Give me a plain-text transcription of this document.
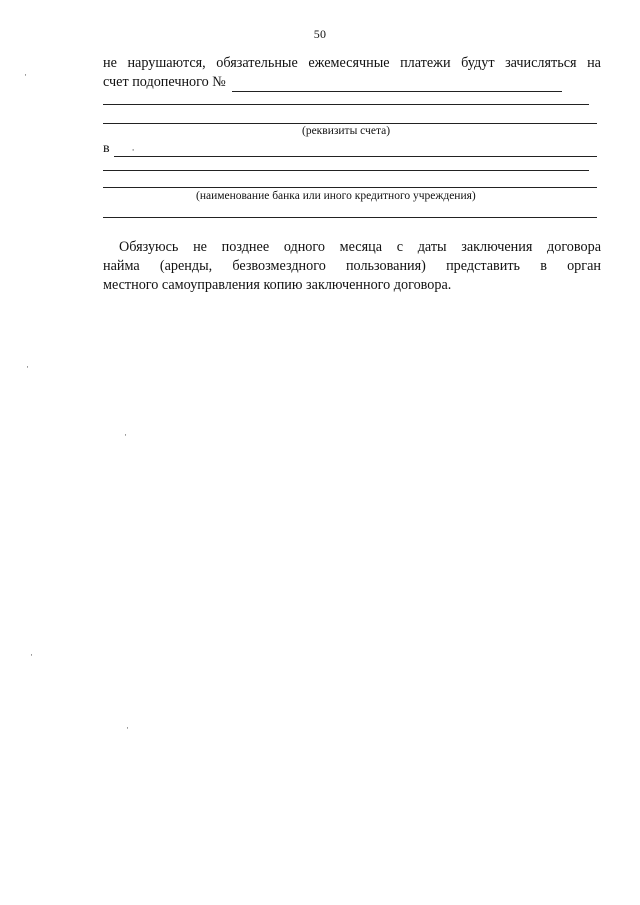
50
не нарушаются, обязательные ежемесячные платежи будут зачисляться на
счет подопечного №
(реквизиты счета)
в ·
(наименование банка или иного кредитного учреждения)
Обязуюсь не позднее одного месяца с даты заключения договора
найма (аренды, безвозмездного пользования) представить в орган
местного самоуправления копию заключенного договора.
·
·
·
·
·
